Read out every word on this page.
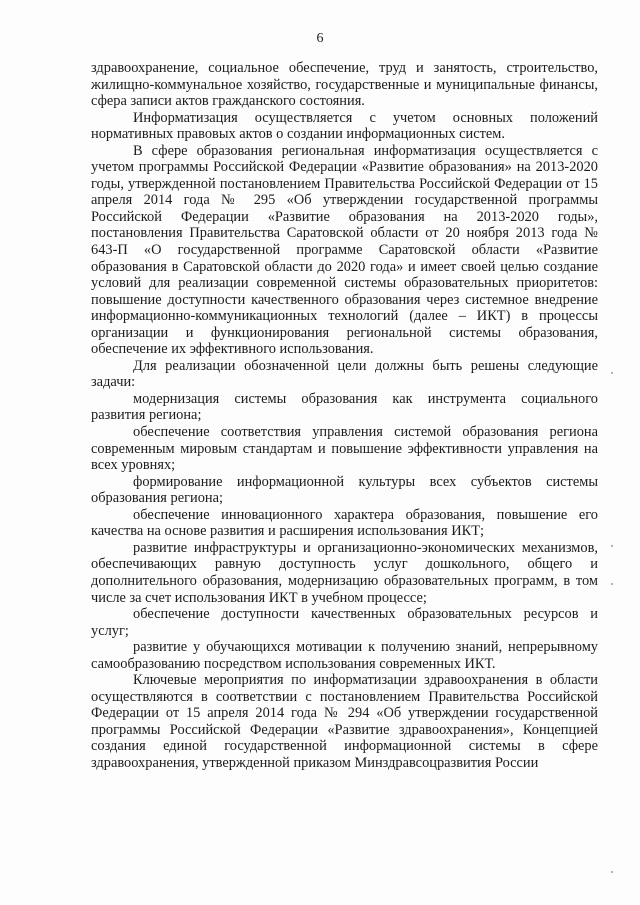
6

здравоохранение, социальное обеспечение, труд и занятость, строительство, жилищно-коммунальное хозяйство, государственные и муниципальные финансы, сфера записи актов гражданского состояния.

Информатизация осуществляется с учетом основных положений нормативных правовых актов о создании информационных систем.

В сфере образования региональная информатизация осуществляется с учетом программы Российской Федерации «Развитие образования» на 2013-2020 годы, утвержденной постановлением Правительства Российской Федерации от 15 апреля 2014 года № 295 «Об утверждении государственной программы Российской Федерации «Развитие образования на 2013-2020 годы», постановления Правительства Саратовской области от 20 ноября 2013 года № 643-П «О государственной программе Саратовской области «Развитие образования в Саратовской области до 2020 года» и имеет своей целью создание условий для реализации современной системы образовательных приоритетов: повышение доступности качественного образования через системное внедрение информационно-коммуникационных технологий (далее – ИКТ) в процессы организации и функционирования региональной системы образования, обеспечение их эффективного использования.

Для реализации обозначенной цели должны быть решены следующие задачи:

модернизация системы образования как инструмента социального развития региона;

обеспечение соответствия управления системой образования региона современным мировым стандартам и повышение эффективности управления на всех уровнях;

формирование информационной культуры всех субъектов системы образования региона;

обеспечение инновационного характера образования, повышение его качества на основе развития и расширения использования ИКТ;

развитие инфраструктуры и организационно-экономических механизмов, обеспечивающих равную доступность услуг дошкольного, общего и дополнительного образования, модернизацию образовательных программ, в том числе за счет использования ИКТ в учебном процессе;

обеспечение доступности качественных образовательных ресурсов и услуг;

развитие у обучающихся мотивации к получению знаний, непрерывному самообразованию посредством использования современных ИКТ.

Ключевые мероприятия по информатизации здравоохранения в области осуществляются в соответствии с постановлением Правительства Российской Федерации от 15 апреля 2014 года № 294 «Об утверждении государственной программы Российской Федерации «Развитие здравоохранения», Концепцией создания единой государственной информационной системы в сфере здравоохранения, утвержденной приказом Минздравсоцразвития России
